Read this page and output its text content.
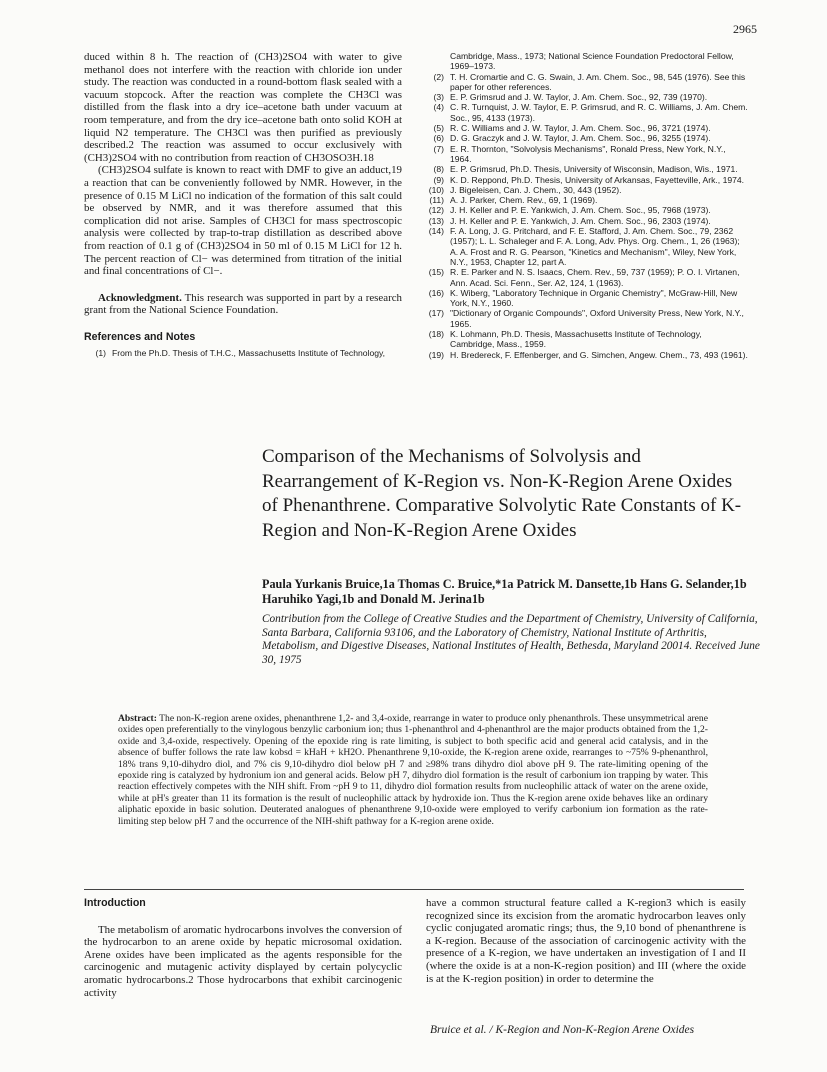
2965

duced within 8 h. The reaction of (CH3)2SO4 with water to give methanol does not interfere with the reaction with chloride ion under study. The reaction was conducted in a round-bottom flask sealed with a vacuum stopcock. After the reaction was complete the CH3Cl was distilled from the flask into a dry ice–acetone bath under vacuum at room temperature, and from the dry ice–acetone bath onto solid KOH at liquid N2 temperature. The CH3Cl was then purified as previously described.2 The reaction was assumed to occur exclusively with (CH3)2SO4 with no contribution from reaction of CH3OSO3H.18

(CH3)2SO4 sulfate is known to react with DMF to give an adduct,19 a reaction that can be conveniently followed by NMR. However, in the presence of 0.15 M LiCl no indication of the formation of this salt could be observed by NMR, and it was therefore assumed that this complication did not arise. Samples of CH3Cl for mass spectroscopic analysis were collected by trap-to-trap distillation as described above from reaction of 0.1 g of (CH3)2SO4 in 50 ml of 0.15 M LiCl for 12 h. The percent reaction of Cl− was determined from titration of the initial and final concentrations of Cl−.

Acknowledgment. This research was supported in part by a research grant from the National Science Foundation.

References and Notes

(1) From the Ph.D. Thesis of T.H.C., Massachusetts Institute of Technology,
Cambridge, Mass., 1973; National Science Foundation Predoctoral Fellow, 1969–1973.
(2) T. H. Cromartie and C. G. Swain, J. Am. Chem. Soc., 98, 545 (1976). See this paper for other references.
(3) E. P. Grimsrud and J. W. Taylor, J. Am. Chem. Soc., 92, 739 (1970).
(4) C. R. Turnquist, J. W. Taylor, E. P. Grimsrud, and R. C. Williams, J. Am. Chem. Soc., 95, 4133 (1973).
(5) R. C. Williams and J. W. Taylor, J. Am. Chem. Soc., 96, 3721 (1974).
(6) D. G. Graczyk and J. W. Taylor, J. Am. Chem. Soc., 96, 3255 (1974).
(7) E. R. Thornton, "Solvolysis Mechanisms", Ronald Press, New York, N.Y., 1964.
(8) E. P. Grimsrud, Ph.D. Thesis, University of Wisconsin, Madison, Wis., 1971.
(9) K. D. Reppond, Ph.D. Thesis, University of Arkansas, Fayetteville, Ark., 1974.
(10) J. Bigeleisen, Can. J. Chem., 30, 443 (1952).
(11) A. J. Parker, Chem. Rev., 69, 1 (1969).
(12) J. H. Keller and P. E. Yankwich, J. Am. Chem. Soc., 95, 7968 (1973).
(13) J. H. Keller and P. E. Yankwich, J. Am. Chem. Soc., 96, 2303 (1974).
(14) F. A. Long, J. G. Pritchard, and F. E. Stafford, J. Am. Chem. Soc., 79, 2362 (1957); L. L. Schaleger and F. A. Long, Adv. Phys. Org. Chem., 1, 26 (1963); A. A. Frost and R. G. Pearson, "Kinetics and Mechanism", Wiley, New York, N.Y., 1953, Chapter 12, part A.
(15) R. E. Parker and N. S. Isaacs, Chem. Rev., 59, 737 (1959); P. O. I. Virtanen, Ann. Acad. Sci. Fenn., Ser. A2, 124, 1 (1963).
(16) K. Wiberg, "Laboratory Technique in Organic Chemistry", McGraw-Hill, New York, N.Y., 1960.
(17) "Dictionary of Organic Compounds", Oxford University Press, New York, N.Y., 1965.
(18) K. Lohmann, Ph.D. Thesis, Massachusetts Institute of Technology, Cambridge, Mass., 1959.
(19) H. Bredereck, F. Effenberger, and G. Simchen, Angew. Chem., 73, 493 (1961).
Comparison of the Mechanisms of Solvolysis and Rearrangement of K-Region vs. Non-K-Region Arene Oxides of Phenanthrene. Comparative Solvolytic Rate Constants of K-Region and Non-K-Region Arene Oxides
Paula Yurkanis Bruice,1a Thomas C. Bruice,*1a Patrick M. Dansette,1b Hans G. Selander,1b Haruhiko Yagi,1b and Donald M. Jerina1b
Contribution from the College of Creative Studies and the Department of Chemistry, University of California, Santa Barbara, California 93106, and the Laboratory of Chemistry, National Institute of Arthritis, Metabolism, and Digestive Diseases, National Institutes of Health, Bethesda, Maryland 20014. Received June 30, 1975
Abstract: The non-K-region arene oxides, phenanthrene 1,2- and 3,4-oxide, rearrange in water to produce only phenanthrols. These unsymmetrical arene oxides open preferentially to the vinylogous benzylic carbonium ion; thus 1-phenanthrol and 4-phenanthrol are the major products obtained from the 1,2-oxide and 3,4-oxide, respectively. Opening of the epoxide ring is rate limiting, is subject to both specific acid and general acid catalysis, and in the absence of buffer follows the rate law kobsd = kHaH + kH2O. Phenanthrene 9,10-oxide, the K-region arene oxide, rearranges to ~75% 9-phenanthrol, 18% trans 9,10-dihydro diol, and 7% cis 9,10-dihydro diol below pH 7 and ≥98% trans dihydro diol above pH 9. The rate-limiting opening of the epoxide ring is catalyzed by hydronium ion and general acids. Below pH 7, dihydro diol formation is the result of carbonium ion trapping by water. This reaction effectively competes with the NIH shift. From ~pH 9 to 11, dihydro diol formation results from nucleophilic attack of water on the arene oxide, while at pH's greater than 11 its formation is the result of nucleophilic attack by hydroxide ion. Thus the K-region arene oxide behaves like an ordinary aliphatic epoxide in basic solution. Deuterated analogues of phenanthrene 9,10-oxide were employed to verify carbonium ion formation as the rate-limiting step below pH 7 and the occurrence of the NIH-shift pathway for a K-region arene oxide.

Introduction

The metabolism of aromatic hydrocarbons involves the conversion of the hydrocarbon to an arene oxide by hepatic microsomal oxidation. Arene oxides have been implicated as the agents responsible for the carcinogenic and mutagenic activity displayed by certain polycyclic aromatic hydrocarbons.2 Those hydrocarbons that exhibit carcinogenic activity

have a common structural feature called a K-region3 which is easily recognized since its excision from the aromatic hydrocarbon leaves only cyclic conjugated aromatic rings; thus, the 9,10 bond of phenanthrene is a K-region. Because of the association of carcinogenic activity with the presence of a K-region, we have undertaken an investigation of I and II (where the oxide is at a non-K-region position) and III (where the oxide is at the K-region position) in order to determine the

Bruice et al. / K-Region and Non-K-Region Arene Oxides
